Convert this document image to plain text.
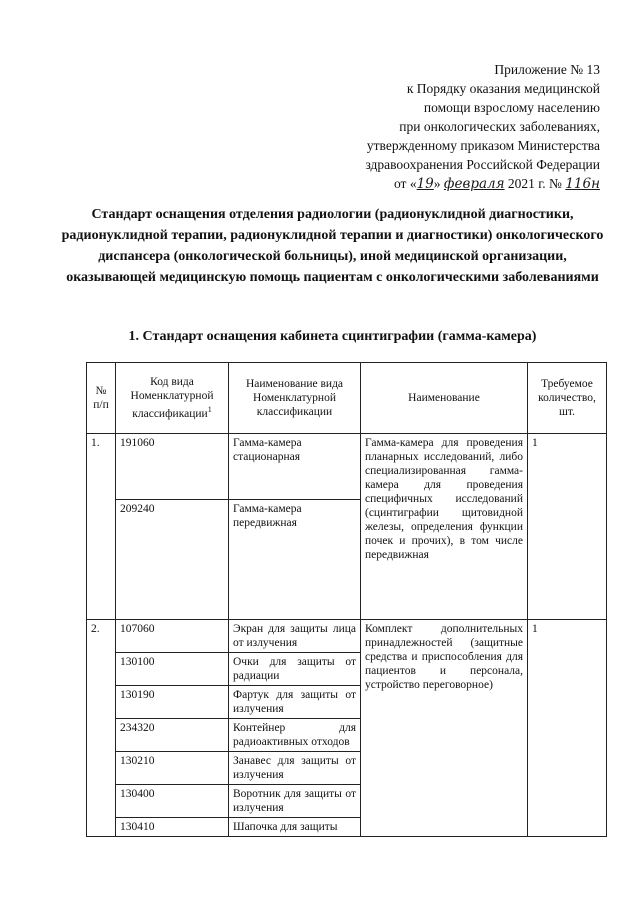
Приложение № 13
к Порядку оказания медицинской
помощи взрослому населению
при онкологических заболеваниях,
утвержденному приказом Министерства
здравоохранения Российской Федерации
от «19» февраля 2021 г. № 116н
Стандарт оснащения отделения радиологии (радионуклидной диагностики, радионуклидной терапии, радионуклидной терапии и диагностики) онкологического диспансера (онкологической больницы), иной медицинской организации, оказывающей медицинскую помощь пациентам с онкологическими заболеваниями
1. Стандарт оснащения кабинета сцинтиграфии (гамма-камера)
№ п/п	Код вида Номенклатурной классификации$^1$	Наименование вида Номенклатурной классификации	Наименование	Требуемое количество, шт.
1.	191060	Гамма-камера стационарная	Гамма-камера для проведения планарных исследований, либо специализированная гамма-камера для проведения специфичных исследований (сцинтиграфии щитовидной железы, определения функции почек и прочих), в том числе передвижная	1
	209240	Гамма-камера передвижная		
2.	107060	Экран для защиты лица от излучения	Комплект дополнительных принадлежностей (защитные средства и приспособления для пациентов и персонала, устройство переговорное)	1
	130100	Очки для защиты от радиации		
	130190	Фартук для защиты от излучения		
	234320	Контейнер для радиоактивных отходов		
	130210	Занавес для защиты от излучения		
	130400	Воротник для защиты от излучения		
	130410	Шапочка для защиты		
